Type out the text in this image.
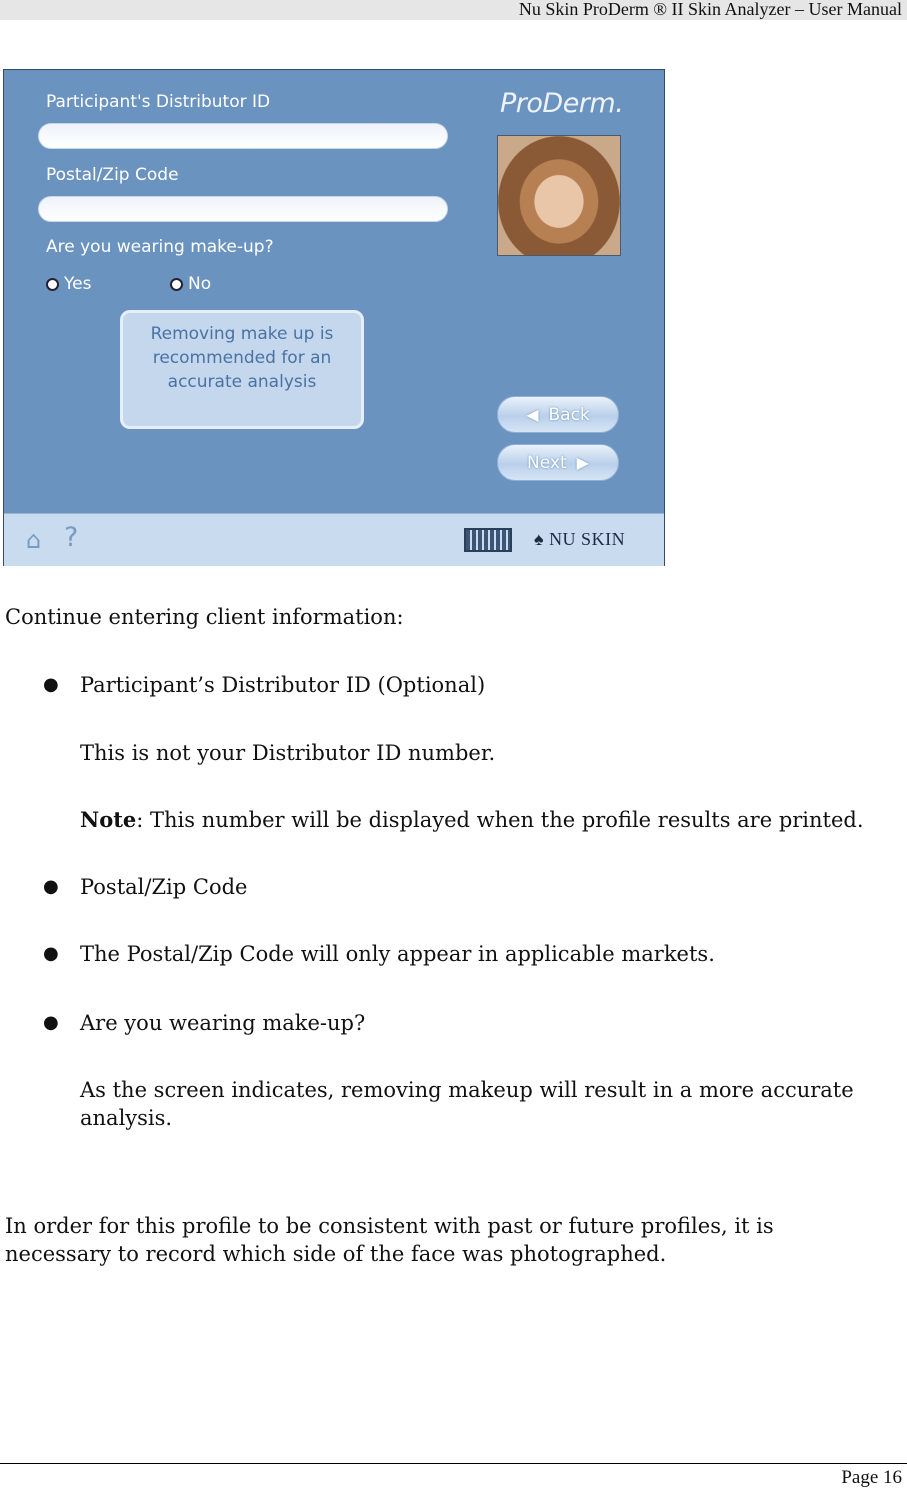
Nu Skin ProDerm ® II Skin Analyzer – User Manual
Participant's Distributor ID
Postal/Zip Code
Are you wearing make-up?
Yes	No
Removing make up is
recommended for an
accurate analysis
ProDerm.
◀ Back
Next ▶
⌂ ?	♠ NU SKIN
Continue entering client information:
● Participant’s Distributor ID (Optional)
This is not your Distributor ID number.
Note: This number will be displayed when the profile results are printed.
● Postal/Zip Code
● The Postal/Zip Code will only appear in applicable markets.
● Are you wearing make-up?
As the screen indicates, removing makeup will result in a more accurate analysis.
In order for this profile to be consistent with past or future profiles, it is necessary to record which side of the face was photographed.
Page 16
